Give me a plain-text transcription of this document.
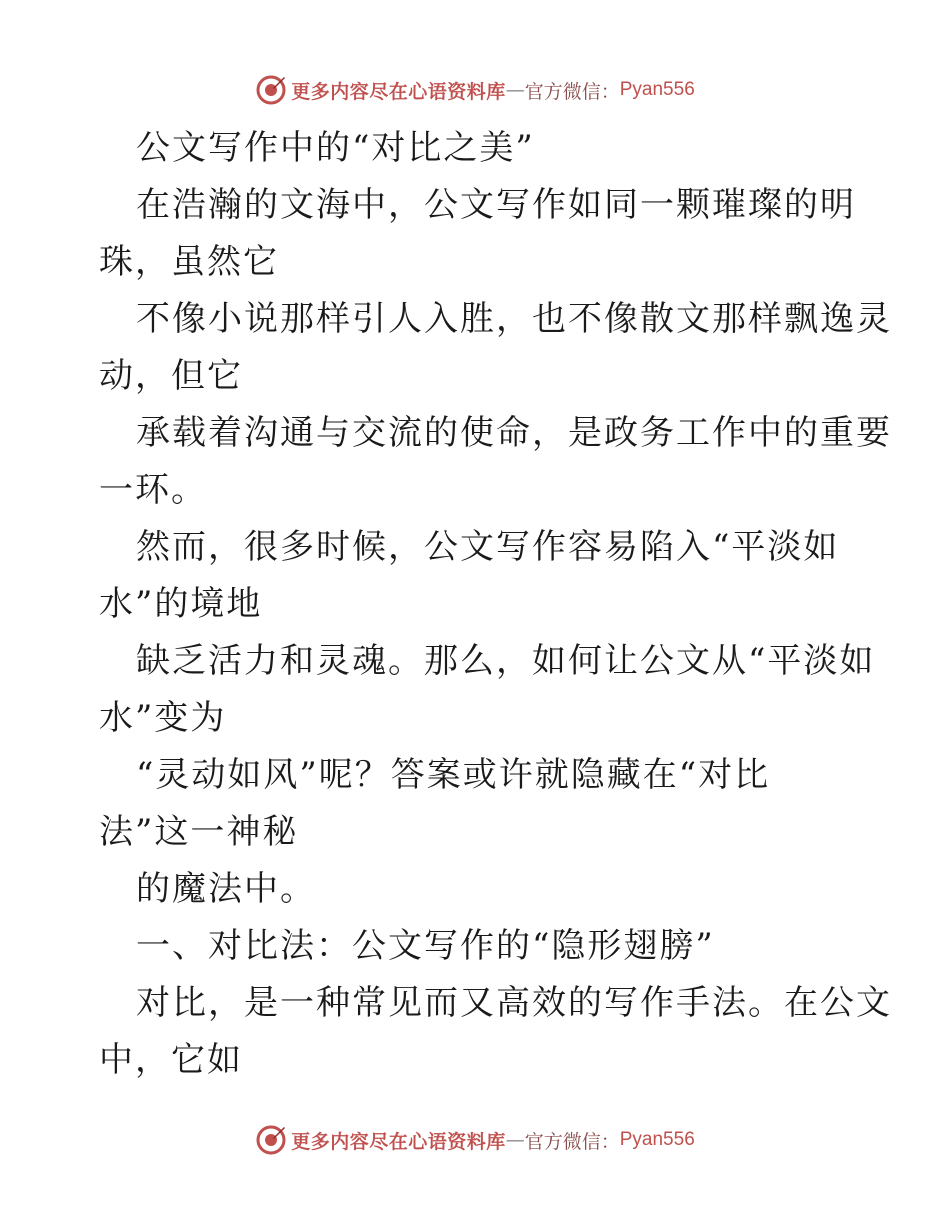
更多内容尽在心语资料库 — 官方微信： Pyan556

公文写作中的“对比之美”

在浩瀚的文海中，公文写作如同一颗璀璨的明

珠，虽然它

不像小说那样引人入胜，也不像散文那样飘逸灵

动，但它

承载着沟通与交流的使命，是政务工作中的重要

一环。

然而，很多时候，公文写作容易陷入“平淡如

水”的境地

缺乏活力和灵魂。那么，如何让公文从“平淡如

水”变为

“灵动如风”呢？答案或许就隐藏在“对比

法”这一神秘

的魔法中。

一、对比法：公文写作的“隐形翅膀”

对比，是一种常见而又高效的写作手法。在公文

中，它如

更多内容尽在心语资料库 — 官方微信： Pyan556
